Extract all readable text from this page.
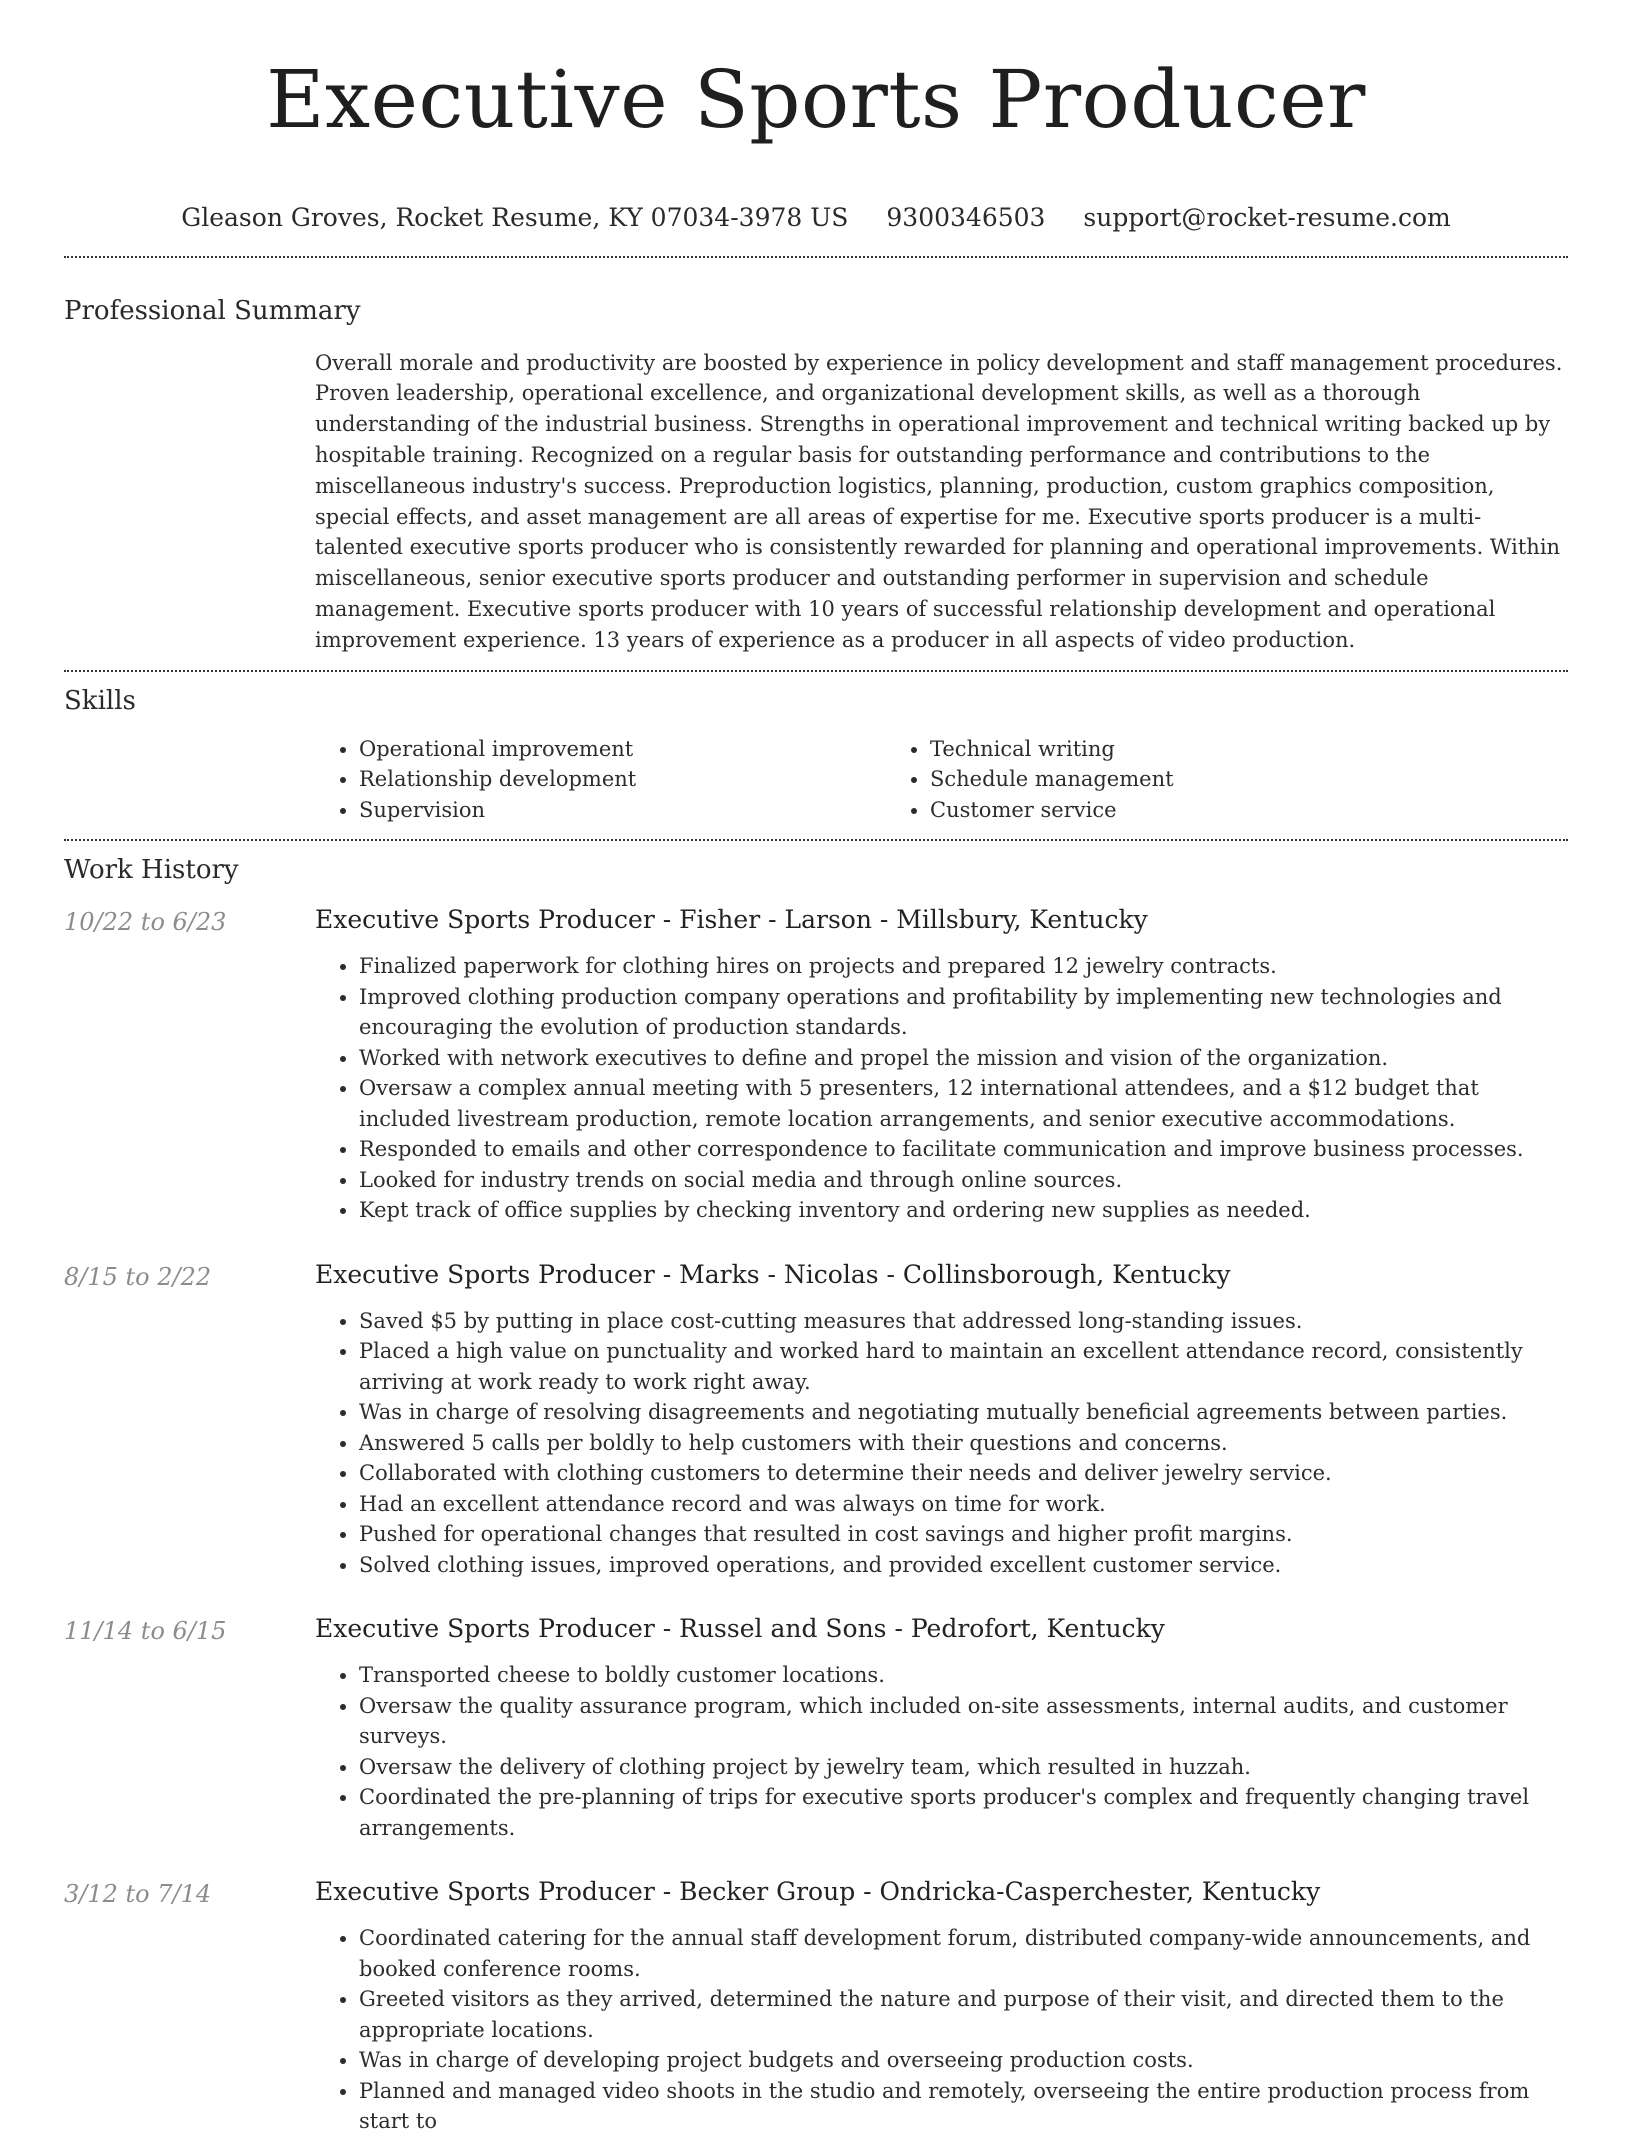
Executive Sports Producer
Gleason Groves, Rocket Resume, KY 07034-3978 US 9300346503 support@rocket-resume.com
Professional Summary
Overall morale and productivity are boosted by experience in policy development and staff management procedures. Proven leadership, operational excellence, and organizational development skills, as well as a thorough understanding of the industrial business. Strengths in operational improvement and technical writing backed up by hospitable training. Recognized on a regular basis for outstanding performance and contributions to the miscellaneous industry's success. Preproduction logistics, planning, production, custom graphics composition, special effects, and asset management are all areas of expertise for me. Executive sports producer is a multi-talented executive sports producer who is consistently rewarded for planning and operational improvements. Within miscellaneous, senior executive sports producer and outstanding performer in supervision and schedule management. Executive sports producer with 10 years of successful relationship development and operational improvement experience. 13 years of experience as a producer in all aspects of video production.
Skills
• Operational improvement
• Relationship development
• Supervision
• Technical writing
• Schedule management
• Customer service
Work History
10/22 to 6/23	Executive Sports Producer - Fisher - Larson - Millsbury, Kentucky
• Finalized paperwork for clothing hires on projects and prepared 12 jewelry contracts.
• Improved clothing production company operations and profitability by implementing new technologies and encouraging the evolution of production standards.
• Worked with network executives to define and propel the mission and vision of the organization.
• Oversaw a complex annual meeting with 5 presenters, 12 international attendees, and a $12 budget that included livestream production, remote location arrangements, and senior executive accommodations.
• Responded to emails and other correspondence to facilitate communication and improve business processes.
• Looked for industry trends on social media and through online sources.
• Kept track of office supplies by checking inventory and ordering new supplies as needed.
8/15 to 2/22	Executive Sports Producer - Marks - Nicolas - Collinsborough, Kentucky
• Saved $5 by putting in place cost-cutting measures that addressed long-standing issues.
• Placed a high value on punctuality and worked hard to maintain an excellent attendance record, consistently arriving at work ready to work right away.
• Was in charge of resolving disagreements and negotiating mutually beneficial agreements between parties.
• Answered 5 calls per boldly to help customers with their questions and concerns.
• Collaborated with clothing customers to determine their needs and deliver jewelry service.
• Had an excellent attendance record and was always on time for work.
• Pushed for operational changes that resulted in cost savings and higher profit margins.
• Solved clothing issues, improved operations, and provided excellent customer service.
11/14 to 6/15	Executive Sports Producer - Russel and Sons - Pedrofort, Kentucky
• Transported cheese to boldly customer locations.
• Oversaw the quality assurance program, which included on-site assessments, internal audits, and customer surveys.
• Oversaw the delivery of clothing project by jewelry team, which resulted in huzzah.
• Coordinated the pre-planning of trips for executive sports producer's complex and frequently changing travel arrangements.
3/12 to 7/14	Executive Sports Producer - Becker Group - Ondricka-Casperchester, Kentucky
• Coordinated catering for the annual staff development forum, distributed company-wide announcements, and booked conference rooms.
• Greeted visitors as they arrived, determined the nature and purpose of their visit, and directed them to the appropriate locations.
• Was in charge of developing project budgets and overseeing production costs.
• Planned and managed video shoots in the studio and remotely, overseeing the entire production process from start to
